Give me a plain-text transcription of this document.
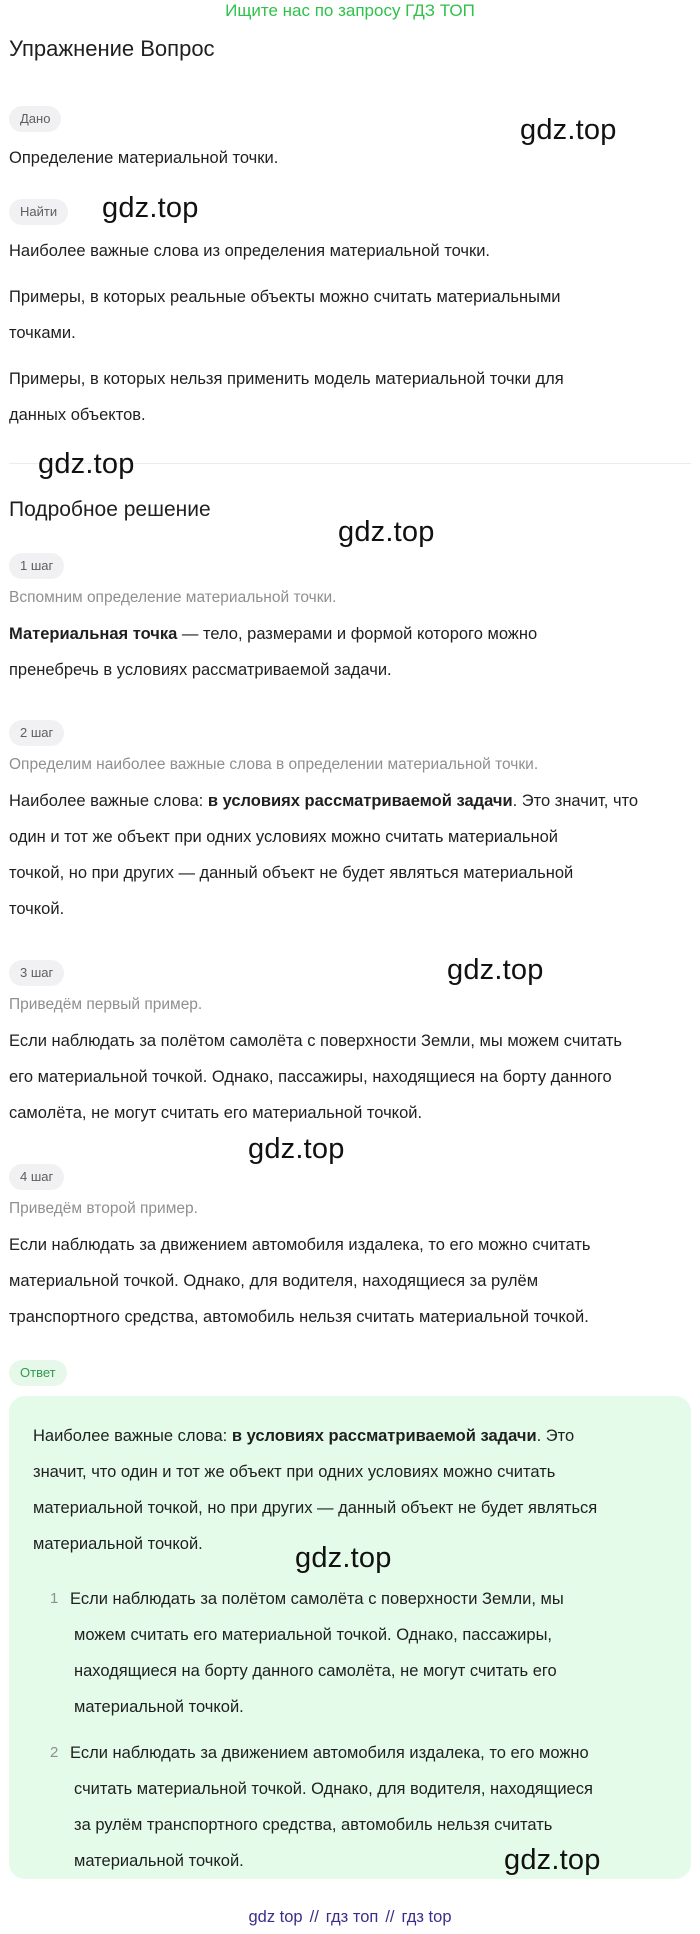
Ищите нас по запросу ГДЗ ТОП
Упражнение Вопрос
Дано
Определение материальной точки.
Найти
Наиболее важные слова из определения материальной точки.
Примеры, в которых реальные объекты можно считать материальными
точками.
Примеры, в которых нельзя применить модель материальной точки для
данных объектов.
Подробное решение
1 шаг
Вспомним определение материальной точки.
Материальная точка — тело, размерами и формой которого можно
пренебречь в условиях рассматриваемой задачи.
2 шаг
Определим наиболее важные слова в определении материальной точки.
Наиболее важные слова: в условиях рассматриваемой задачи. Это значит, что
один и тот же объект при одних условиях можно считать материальной
точкой, но при других — данный объект не будет являться материальной
точкой.
3 шаг
Приведём первый пример.
Если наблюдать за полётом самолёта с поверхности Земли, мы можем считать
его материальной точкой. Однако, пассажиры, находящиеся на борту данного
самолёта, не могут считать его материальной точкой.
4 шаг
Приведём второй пример.
Если наблюдать за движением автомобиля издалека, то его можно считать
материальной точкой. Однако, для водителя, находящиеся за рулём
транспортного средства, автомобиль нельзя считать материальной точкой.
Ответ
Наиболее важные слова: в условиях рассматриваемой задачи. Это
значит, что один и тот же объект при одних условиях можно считать
материальной точкой, но при других — данный объект не будет являться
материальной точкой.
1 Если наблюдать за полётом самолёта с поверхности Земли, мы
можем считать его материальной точкой. Однако, пассажиры,
находящиеся на борту данного самолёта, не могут считать его
материальной точкой.
2 Если наблюдать за движением автомобиля издалека, то его можно
считать материальной точкой. Однако, для водителя, находящиеся
за рулём транспортного средства, автомобиль нельзя считать
материальной точкой.
gdz.top
gdz.top
gdz.top
gdz.top
gdz.top
gdz.top
gdz.top
gdz.top
gdz top // гдз топ // гдз top
